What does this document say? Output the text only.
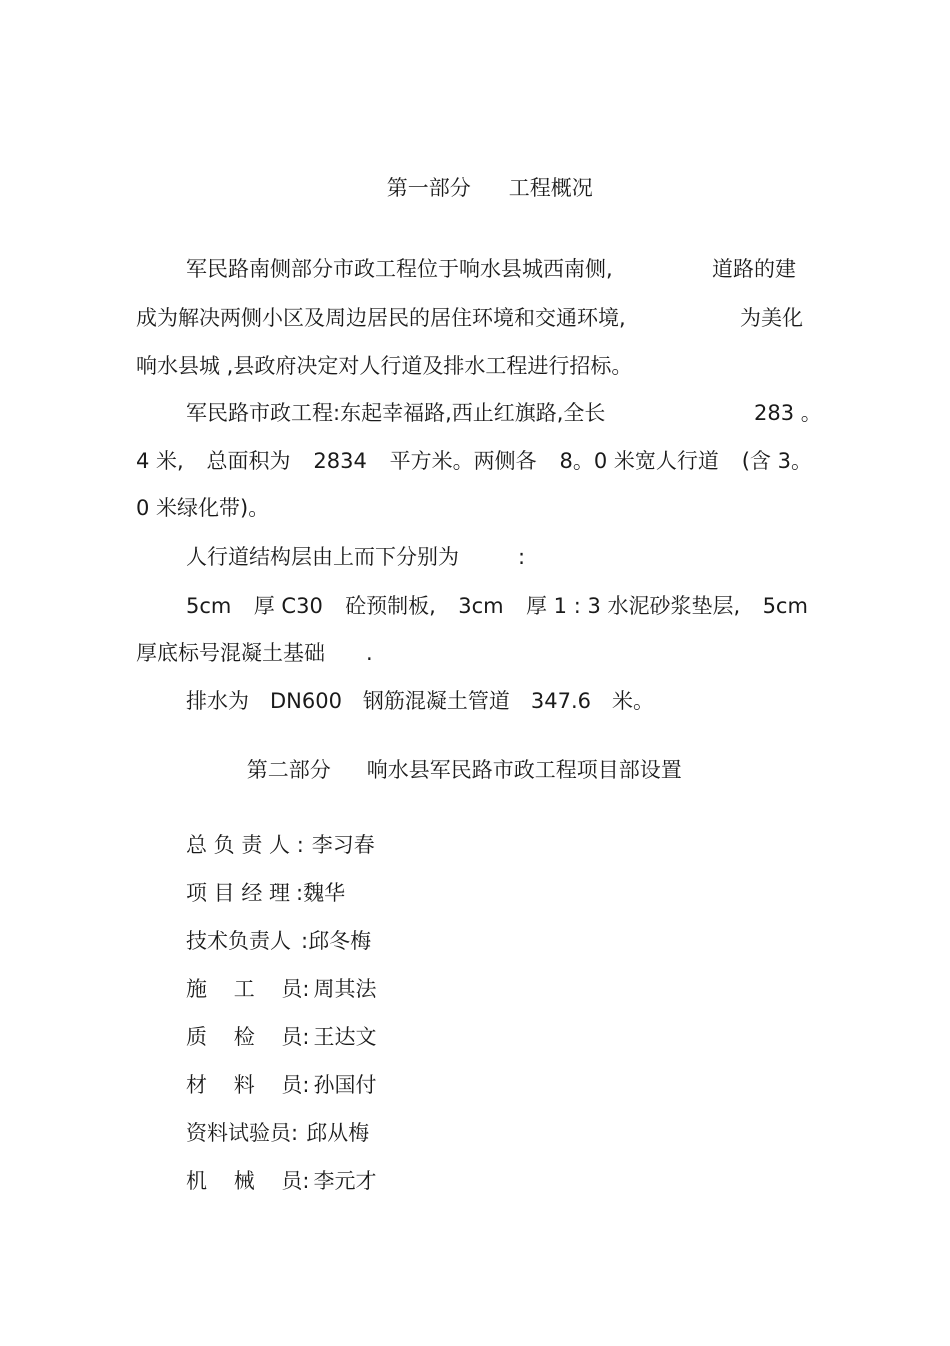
第一部分 工程概况

军民路南侧部分市政工程位于响水县城西南侧,	道路的建
成为解决两侧小区及周边居民的居住环境和交通环境,	为美化
响水县城 ,县政府决定对人行道及排水工程进行招标。
军民路市政工程:东起幸福路,西止红旗路,全长	283 。
4 米, 总面积为 2834 平方米。两侧各 8。0 米宽人行道 (含 3。
0 米绿化带)。
人行道结构层由上而下分别为	:
5cm 厚 C30 砼预制板, 3cm 厚 1 : 3 水泥砂浆垫层, 5cm
厚底标号混凝土基础 .
排水为 DN600 钢筋混凝土管道 347.6 米。

第二部分 响水县军民路市政工程项目部设置

总 负 责 人 : 李习春
项 目 经 理 :魏华
技术负责人 :邱冬梅
施    工    员: 周其法
质    检    员: 王达文
材    料    员: 孙国付
资料试验员: 邱从梅
机    械    员: 李元才
